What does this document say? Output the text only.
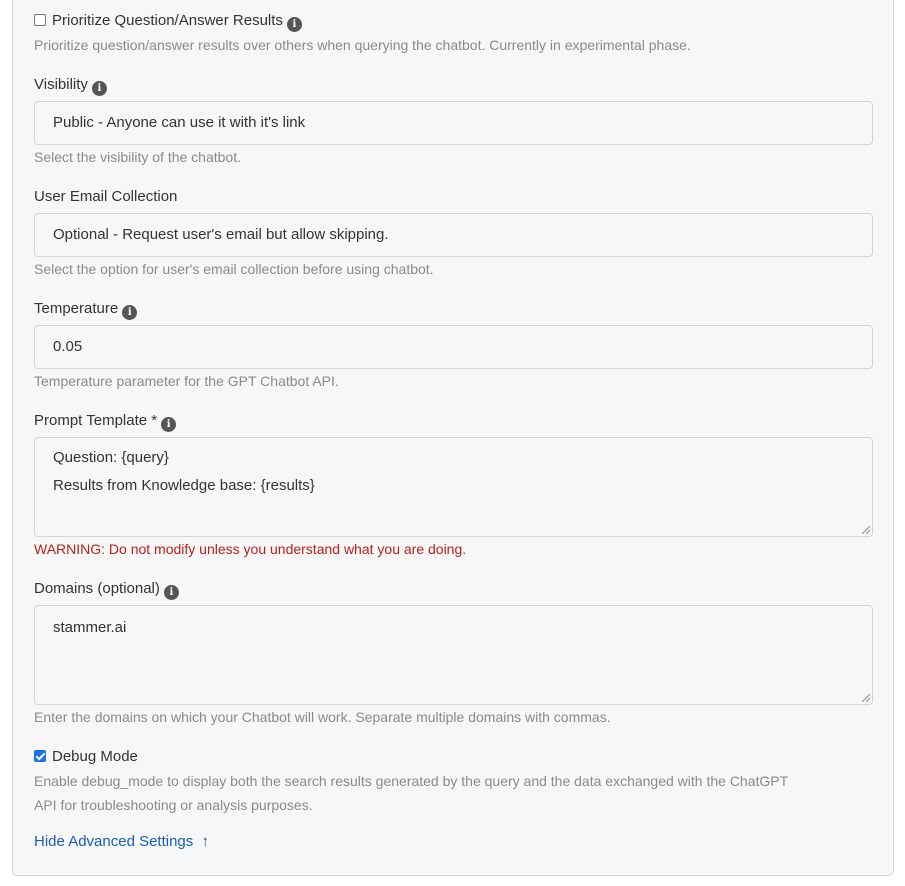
Prioritize Question/Answer Results i
Prioritize question/answer results over others when querying the chatbot. Currently in experimental phase.
Visibility i
Public - Anyone can use it with it's link
Select the visibility of the chatbot.
User Email Collection
Optional - Request user's email but allow skipping.
Select the option for user's email collection before using chatbot.
Temperature i
0.05
Temperature parameter for the GPT Chatbot API.
Prompt Template * i
Question: {query}
Results from Knowledge base: {results}
WARNING: Do not modify unless you understand what you are doing.
Domains (optional) i
stammer.ai
Enter the domains on which your Chatbot will work. Separate multiple domains with commas.
Debug Mode
Enable debug_mode to display both the search results generated by the query and the data exchanged with the ChatGPT
API for troubleshooting or analysis purposes.
Hide Advanced Settings ↑
